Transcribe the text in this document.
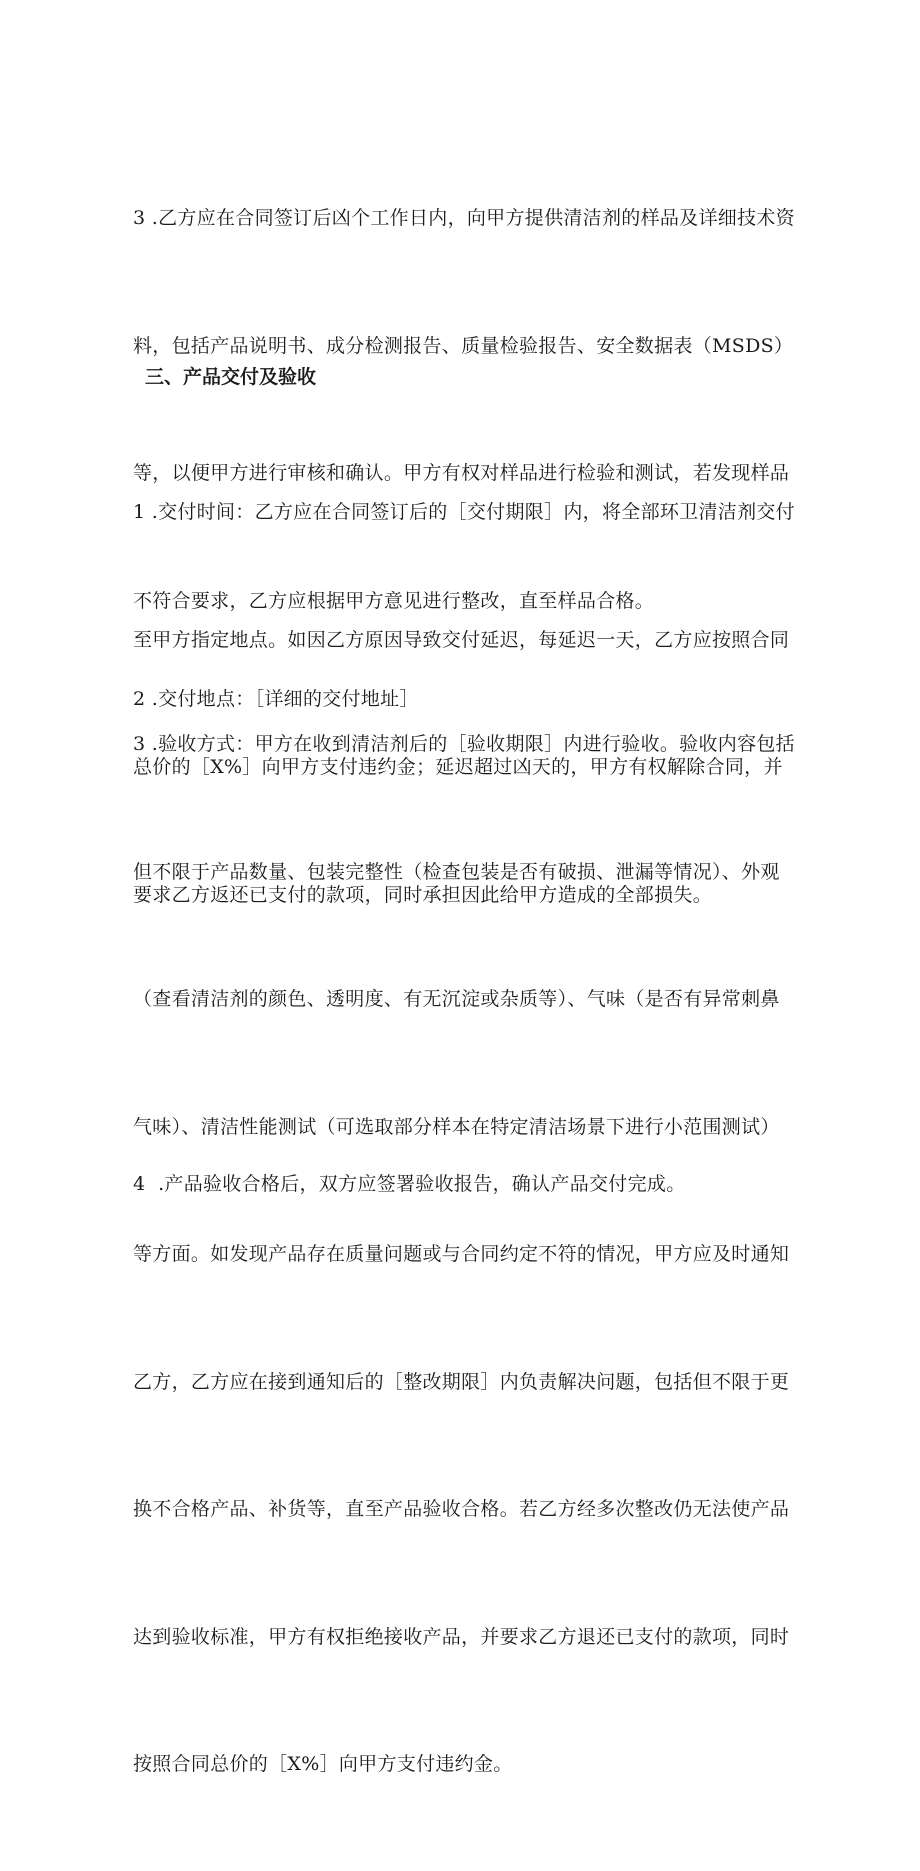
3 .乙方应在合同签订后凶个工作日内，向甲方提供清洁剂的样品及详细技术资

料，包括产品说明书、成分检测报告、质量检验报告、安全数据表（MSDS）

等，以便甲方进行审核和确认。甲方有权对样品进行检验和测试，若发现样品

不符合要求，乙方应根据甲方意见进行整改，直至样品合格。

三、产品交付及验收

1 .交付时间：乙方应在合同签订后的［交付期限］内，将全部环卫清洁剂交付

至甲方指定地点。如因乙方原因导致交付延迟，每延迟一天，乙方应按照合同

总价的［X%］向甲方支付违约金；延迟超过凶天的，甲方有权解除合同，并

要求乙方返还已支付的款项，同时承担因此给甲方造成的全部损失。

2 .交付地点：［详细的交付地址］

3 .验收方式：甲方在收到清洁剂后的［验收期限］内进行验收。验收内容包括

但不限于产品数量、包装完整性（检查包装是否有破损、泄漏等情况）、外观

（查看清洁剂的颜色、透明度、有无沉淀或杂质等）、气味（是否有异常刺鼻

气味）、清洁性能测试（可选取部分样本在特定清洁场景下进行小范围测试）

等方面。如发现产品存在质量问题或与合同约定不符的情况，甲方应及时通知

乙方，乙方应在接到通知后的［整改期限］内负责解决问题，包括但不限于更

换不合格产品、补货等，直至产品验收合格。若乙方经多次整改仍无法使产品

达到验收标准，甲方有权拒绝接收产品，并要求乙方退还已支付的款项，同时

按照合同总价的［X%］向甲方支付违约金。

4  .产品验收合格后，双方应签署验收报告，确认产品交付完成。
